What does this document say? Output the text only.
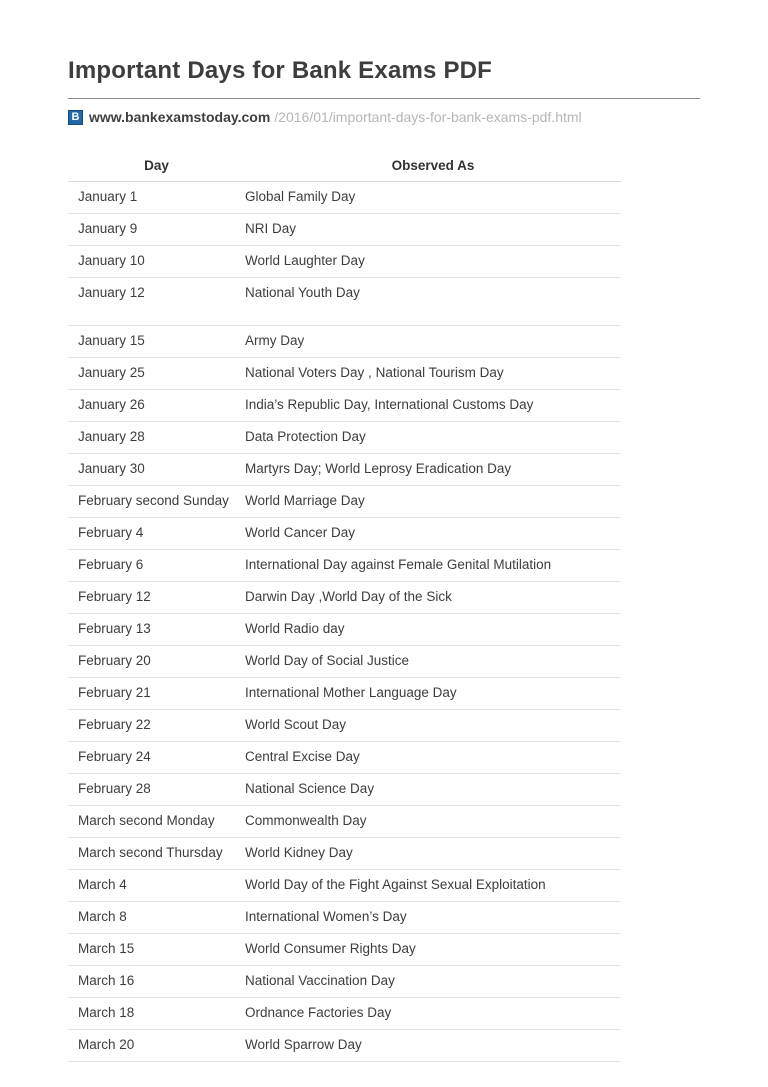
Important Days for Bank Exams PDF
B www.bankexamstoday.com /2016/01/important-days-for-bank-exams-pdf.html
Day	Observed As
January 1	Global Family Day
January 9	NRI Day
January 10	World Laughter Day
January 12	National Youth Day
January 15	Army Day
January 25	National Voters Day , National Tourism Day
January 26	India’s Republic Day, International Customs Day
January 28	Data Protection Day
January 30	Martyrs Day; World Leprosy Eradication Day
February second Sunday	World Marriage Day
February 4	World Cancer Day
February 6	International Day against Female Genital Mutilation
February 12	Darwin Day ,World Day of the Sick
February 13	World Radio day
February 20	World Day of Social Justice
February 21	International Mother Language Day
February 22	World Scout Day
February 24	Central Excise Day
February 28	National Science Day
March second Monday	Commonwealth Day
March second Thursday	World Kidney Day
March 4	World Day of the Fight Against Sexual Exploitation
March 8	International Women’s Day
March 15	World Consumer Rights Day
March 16	National Vaccination Day
March 18	Ordnance Factories Day
March 20	World Sparrow Day
